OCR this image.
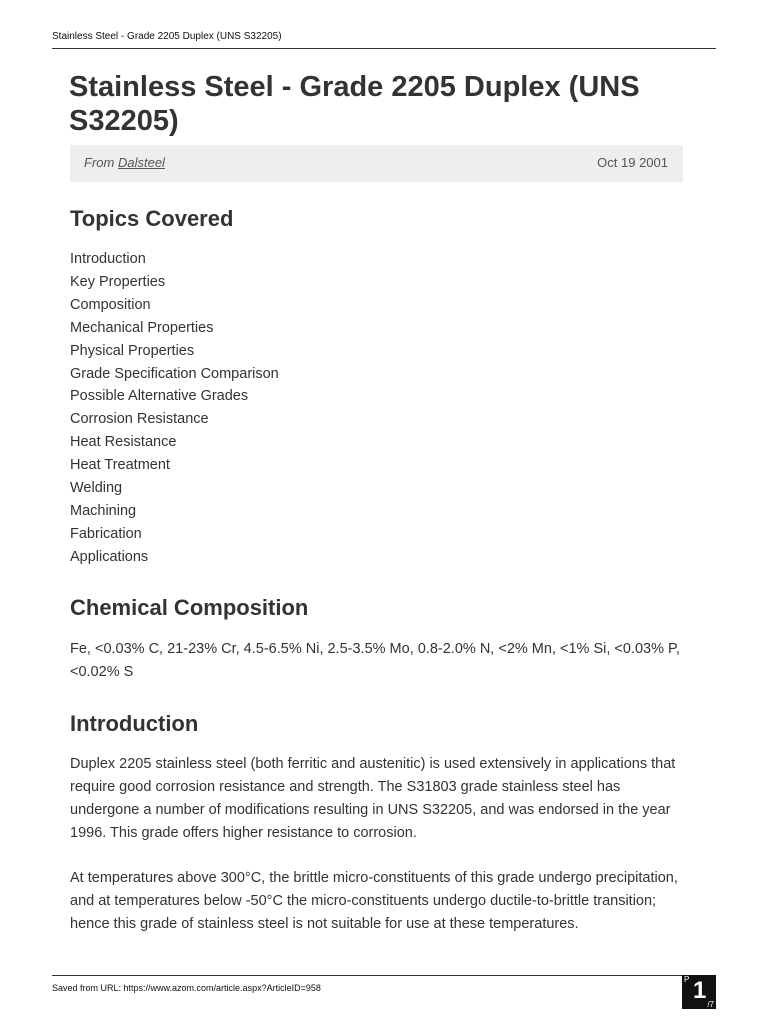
Stainless Steel - Grade 2205 Duplex (UNS S32205)
Stainless Steel - Grade 2205 Duplex (UNS S32205)
From Dalsteel	Oct 19 2001
Topics Covered
Introduction
Key Properties
Composition
Mechanical Properties
Physical Properties
Grade Specification Comparison
Possible Alternative Grades
Corrosion Resistance
Heat Resistance
Heat Treatment
Welding
Machining
Fabrication
Applications
Chemical Composition

Fe, <0.03% C, 21-23% Cr, 4.5-6.5% Ni, 2.5-3.5% Mo, 0.8-2.0% N, <2% Mn, <1% Si, <0.03% P, <0.02% S

Introduction

Duplex 2205 stainless steel (both ferritic and austenitic) is used extensively in applications that require good corrosion resistance and strength. The S31803 grade stainless steel has undergone a number of modifications resulting in UNS S32205, and was endorsed in the year 1996. This grade offers higher resistance to corrosion.

At temperatures above 300°C, the brittle micro-constituents of this grade undergo precipitation, and at temperatures below -50°C the micro-constituents undergo ductile-to-brittle transition; hence this grade of stainless steel is not suitable for use at these temperatures.

Saved from URL: https://www.azom.com/article.aspx?ArticleID=958
P 1
/7
